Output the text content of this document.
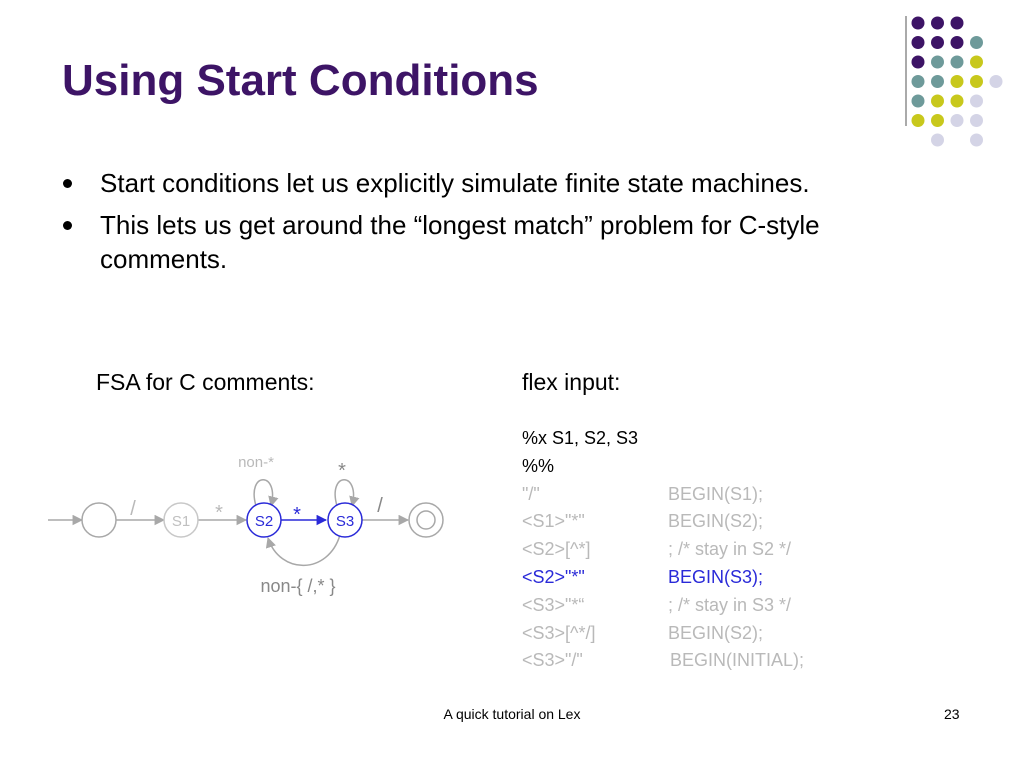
Using Start Conditions
Start conditions let us explicitly simulate finite state machines.
This lets us get around the “longest match” problem for C-style comments.
FSA for C comments:	flex input:
S1	S2	S3
/	*	*	/
non-*	*
non-{ /,* }
%x S1, S2, S3
%%
"/"	BEGIN(S1);
<S1>"*"	BEGIN(S2);
<S2>[^*]	; /* stay in S2 */
<S2>"*"	BEGIN(S3);
<S3>"*“	; /* stay in S3 */
<S3>[^*/]	BEGIN(S2);
<S3>"/"	BEGIN(INITIAL);
A quick tutorial on Lex	23
